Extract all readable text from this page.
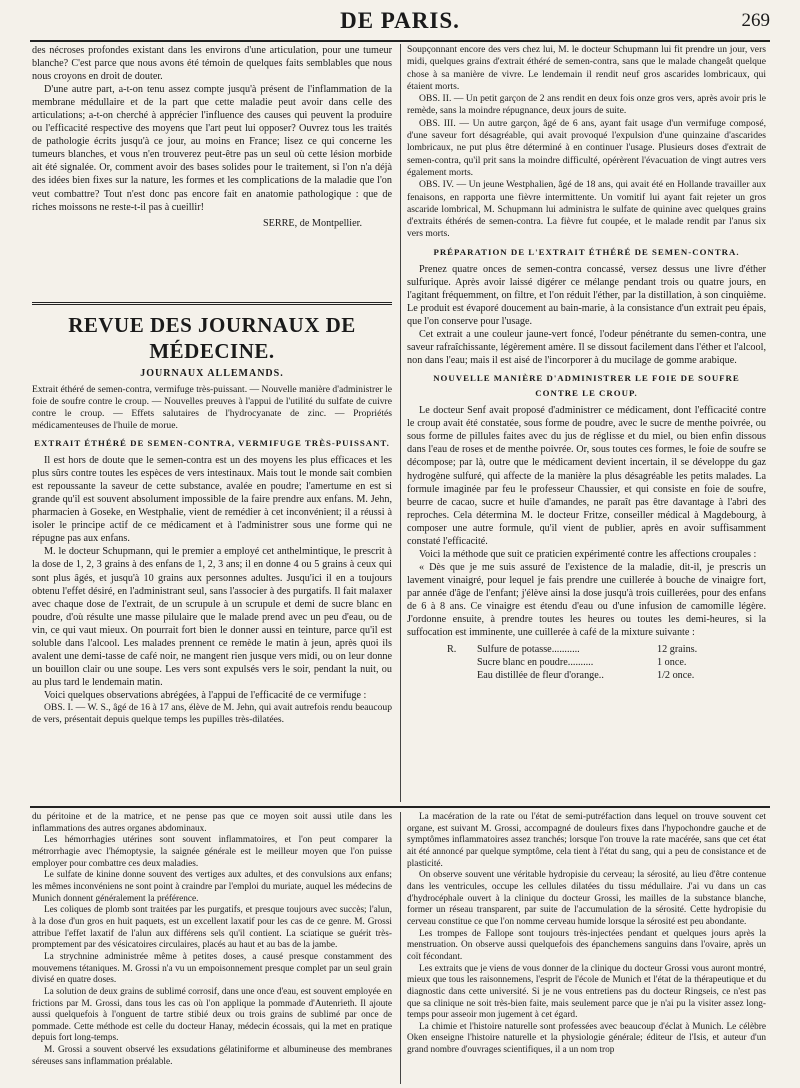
DE PARIS.	269

des nécroses profondes existant dans les environs d'une articulation, pour une tumeur blanche? C'est parce que nous avons été témoin de quelques faits semblables que nous nous croyons en droit de douter.

D'une autre part, a-t-on tenu assez compte jusqu'à présent de l'inflammation de la membrane médullaire et de la part que cette maladie peut avoir dans celle des articulations; a-t-on cherché à apprécier l'influence des causes qui peuvent la produire ou l'efficacité respective des moyens que l'art peut lui opposer? Ouvrez tous les traités de pathologie écrits jusqu'à ce jour, au moins en France; lisez ce qui concerne les tumeurs blanches, et vous n'en trouverez peut-être pas un seul où cette lésion morbide ait été signalée. Or, comment avoir des bases solides pour le traitement, si l'on n'a déjà des idées bien fixes sur la nature, les formes et les complications de la maladie que l'on veut combattre? Tout n'est donc pas encore fait en anatomie pathologique : que de riches moissons ne reste-t-il pas à cueillir!

SERRE, de Montpellier.

REVUE DES JOURNAUX DE MÉDECINE.
JOURNAUX ALLEMANDS.

Extrait éthéré de semen-contra, vermifuge très-puissant. — Nouvelle manière d'administrer le foie de soufre contre le croup. — Nouvelles preuves à l'appui de l'utilité du sulfate de cuivre contre le croup. — Effets salutaires de l'hydrocyanate de zinc. — Propriétés médicamenteuses de l'huile de morue.

EXTRAIT ÉTHÉRÉ DE SEMEN-CONTRA, VERMIFUGE TRÈS-PUISSANT.

Il est hors de doute que le semen-contra est un des moyens les plus efficaces et les plus sûrs contre toutes les espèces de vers intestinaux. Mais tout le monde sait combien est repoussante la saveur de cette substance, avalée en poudre; l'amertume en est si grande qu'il est souvent absolument impossible de la faire prendre aux enfans. M. Jehn, pharmacien à Goseke, en Westphalie, vient de remédier à cet inconvénient; il a réussi à isoler le principe actif de ce médicament et à l'administrer sous une forme qui ne répugne pas aux enfans.

M. le docteur Schupmann, qui le premier a employé cet anthelmintique, le prescrit à la dose de 1, 2, 3 grains à des enfans de 1, 2, 3 ans; il en donne 4 ou 5 grains à ceux qui sont plus âgés, et jusqu'à 10 grains aux personnes adultes. Jusqu'ici il en a toujours obtenu l'effet désiré, en l'administrant seul, sans l'associer à des purgatifs. Il fait malaxer avec chaque dose de l'extrait, de un scrupule à un scrupule et demi de sucre blanc en poudre, d'où résulte une masse pilulaire que le malade prend avec un peu d'eau, ou de vin, ce qui vaut mieux. On pourrait fort bien le donner aussi en teinture, parce qu'il est soluble dans l'alcool. Les malades prennent ce remède le matin à jeun, après quoi ils avalent une demi-tasse de café noir, ne mangent rien jusque vers midi, ou on leur donne un bouillon clair ou une soupe. Les vers sont expulsés vers le soir, pendant la nuit, ou au plus tard le lendemain matin.

Voici quelques observations abrégées, à l'appui de l'efficacité de ce vermifuge :

OBS. I. — W. S., âgé de 16 à 17 ans, élève de M. Jehn, qui avait autrefois rendu beaucoup de vers, présentait depuis quelque temps les pupilles très-dilatées.

Soupçonnant encore des vers chez lui, M. le docteur Schupmann lui fit prendre un jour, vers midi, quelques grains d'extrait éthéré de semen-contra, sans que le malade changeât quelque chose à sa manière de vivre. Le lendemain il rendit neuf gros ascarides lombricaux, qui étaient morts.

OBS. II. — Un petit garçon de 2 ans rendit en deux fois onze gros vers, après avoir pris le remède, sans la moindre répugnance, deux jours de suite.

OBS. III. — Un autre garçon, âgé de 6 ans, ayant fait usage d'un vermifuge composé, d'une saveur fort désagréable, qui avait provoqué l'expulsion d'une quinzaine d'ascarides lombricaux, ne put plus être déterminé à en continuer l'usage. Plusieurs doses d'extrait de semen-contra, qu'il prit sans la moindre difficulté, opérèrent l'évacuation de vingt autres vers également morts.

OBS. IV. — Un jeune Westphalien, âgé de 18 ans, qui avait été en Hollande travailler aux fenaisons, en rapporta une fièvre intermittente. Un vomitif lui ayant fait rejeter un gros ascaride lombrical, M. Schupmann lui administra le sulfate de quinine avec quelques grains d'extraits éthérés de semen-contra. La fièvre fut coupée, et le malade rendit par l'anus six vers morts.

PRÉPARATION DE L'EXTRAIT ÉTHÉRÉ DE SEMEN-CONTRA.

Prenez quatre onces de semen-contra concassé, versez dessus une livre d'éther sulfurique. Après avoir laissé digérer ce mélange pendant trois ou quatre jours, en l'agitant fréquemment, on filtre, et l'on réduit l'éther, par la distillation, à son cinquième. Le produit est évaporé doucement au bain-marie, à la consistance d'un extrait peu épais, que l'on conserve pour l'usage.

Cet extrait a une couleur jaune-vert foncé, l'odeur pénétrante du semen-contra, une saveur rafraîchissante, légèrement amère. Il se dissout facilement dans l'éther et l'alcool, non dans l'eau; mais il est aisé de l'incorporer à du mucilage de gomme arabique.

NOUVELLE MANIÈRE D'ADMINISTRER LE FOIE DE SOUFRE
CONTRE LE CROUP.

Le docteur Senf avait proposé d'administrer ce médicament, dont l'efficacité contre le croup avait été constatée, sous forme de poudre, avec le sucre de menthe poivrée, ou sous forme de pillules faites avec du jus de réglisse et du miel, ou bien enfin dissous dans l'eau de roses et de menthe poivrée. Or, sous toutes ces formes, le foie de soufre se décompose; par là, outre que le médicament devient incertain, il se développe du gaz hydrogène sulfuré, qui affecte de la manière la plus désagréable les petits malades. La formule imaginée par feu le professeur Chaussier, et qui consiste en foie de soufre, beurre de cacao, sucre et huile d'amandes, ne paraît pas être davantage à l'abri des reproches. Cela détermina M. le docteur Fritze, conseiller médical à Magdebourg, à composer une autre formule, qu'il vient de publier, après en avoir suffisamment constaté l'efficacité.

Voici la méthode que suit ce praticien expérimenté contre les affections croupales :

« Dès que je me suis assuré de l'existence de la maladie, dit-il, je prescris un lavement vinaigré, pour lequel je fais prendre une cuillerée à bouche de vinaigre fort, par année d'âge de l'enfant; j'élève ainsi la dose jusqu'à trois cuillerées, pour des enfans de 6 à 8 ans. Ce vinaigre est étendu d'eau ou d'une infusion de camomille légère. J'ordonne ensuite, à prendre toutes les heures ou toutes les demi-heures, si la suffocation est imminente, une cuillerée à café de la mixture suivante :

R.	Sulfure de potasse...........	12 grains.
Sucre blanc en poudre..........	1 once.
Eau distillée de fleur d'orange..	1/2 once.

du péritoine et de la matrice, et ne pense pas que ce moyen soit aussi utile dans les inflammations des autres organes abdominaux.

Les hémorrhagies utérines sont souvent inflammatoires, et l'on peut comparer la métrorrhagie avec l'hémoptysie, la saignée générale est le meilleur moyen que l'on puisse employer pour combattre ces deux maladies.

Le sulfate de kinine donne souvent des vertiges aux adultes, et des convulsions aux enfans; les mêmes inconvéniens ne sont point à craindre par l'emploi du muriate, auquel les médecins de Munich donnent généralement la préférence.

Les coliques de plomb sont traitées par les purgatifs, et presque toujours avec succès; l'alun, à la dose d'un gros en huit paquets, est un excellent laxatif pour les cas de ce genre. M. Grossi attribue l'effet laxatif de l'alun aux différens sels qu'il contient. La sciatique se guérit très-promptement par des vésicatoires circulaires, placés au haut et au bas de la jambe.

La strychnine administrée même à petites doses, a causé presque constamment des mouvemens tétaniques. M. Grossi n'a vu un empoisonnement presque complet par un seul grain divisé en quatre doses.

La solution de deux grains de sublimé corrosif, dans une once d'eau, est souvent employée en frictions par M. Grossi, dans tous les cas où l'on applique la pommade d'Autenrieth. Il ajoute aussi quelquefois à l'onguent de tartre stibié deux ou trois grains de sublimé par once de pommade. Cette méthode est celle du docteur Hanay, médecin écossais, qui la met en pratique depuis fort long-temps.

M. Grossi a souvent observé les exsudations gélatiniforme et albumineuse des membranes séreuses sans inflammation préalable.

La macération de la rate ou l'état de semi-putréfaction dans lequel on trouve souvent cet organe, est suivant M. Grossi, accompagné de douleurs fixes dans l'hypochondre gauche et de symptômes inflammatoires assez tranchés; lorsque l'on trouve la rate macérée, sans que cet état ait été annoncé par quelque symptôme, cela tient à l'état du sang, qui a peu de consistance et de plasticité.

On observe souvent une véritable hydropisie du cerveau; la sérosité, au lieu d'être contenue dans les ventricules, occupe les cellules dilatées du tissu médullaire. J'ai vu dans un cas d'hydrocéphale ouvert à la clinique du docteur Grossi, les mailles de la substance blanche, former un réseau transparent, par suite de l'accumulation de la sérosité. Cette hydropisie du cerveau constitue ce que l'on nomme cerveau humide lorsque la sérosité est peu abondante.

Les trompes de Fallope sont toujours très-injectées pendant et quelques jours après la menstruation. On observe aussi quelquefois des épanchemens sanguins dans l'ovaire, après un coït fécondant.

Les extraits que je viens de vous donner de la clinique du docteur Grossi vous auront montré, mieux que tous les raisonnemens, l'esprit de l'école de Munich et l'état de la thérapeutique et du diagnostic dans cette université. Si je ne vous entretiens pas du docteur Ringseis, ce n'est pas que sa clinique ne soit très-bien faite, mais seulement parce que je n'ai pu la visiter assez long-temps pour asseoir mon jugement à cet égard.

La chimie et l'histoire naturelle sont professées avec beaucoup d'éclat à Munich. Le célèbre Oken enseigne l'histoire naturelle et la physiologie générale; éditeur de l'Isis, et auteur d'un grand nombre d'ouvrages scientifiques, il a un nom trop
